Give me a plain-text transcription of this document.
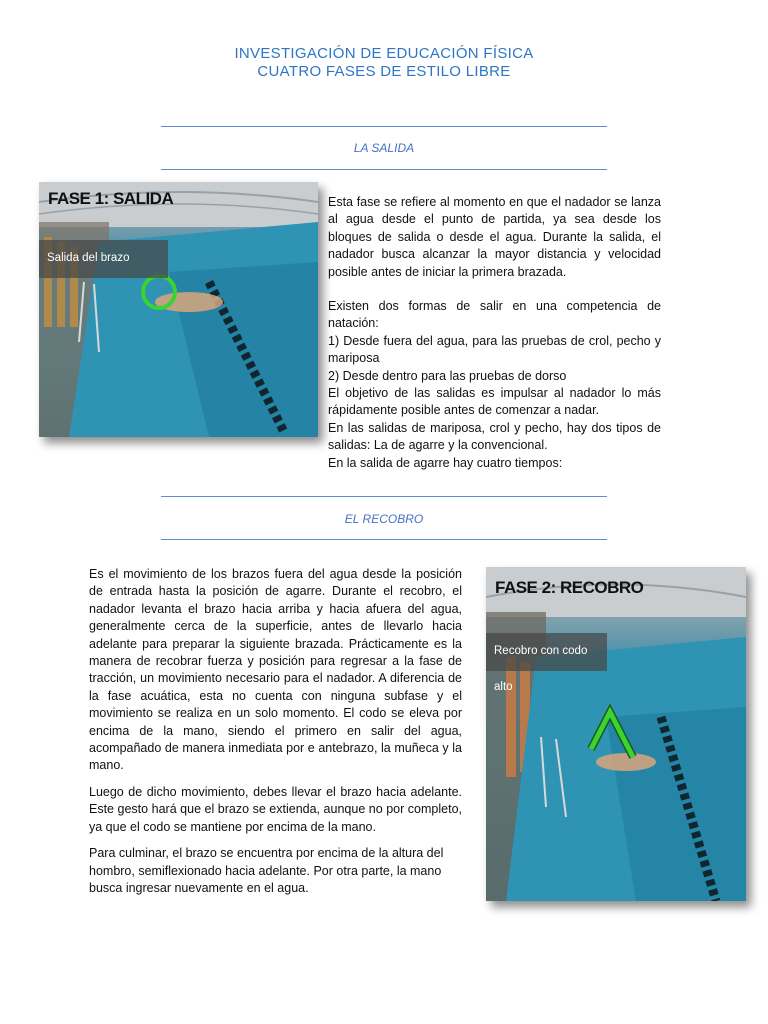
INVESTIGACIÓN DE EDUCACIÓN FÍSICA
CUATRO FASES DE ESTILO LIBRE
LA SALIDA
FASE 1: SALIDA
Salida del brazo

Esta fase se refiere al momento en que el nadador se lanza al agua desde el punto de partida, ya sea desde los bloques de salida o desde el agua. Durante la salida, el nadador busca alcanzar la mayor distancia y velocidad posible antes de iniciar la primera brazada.

Existen dos formas de salir en una competencia de natación:

1) Desde fuera del agua, para las pruebas de crol, pecho y mariposa

2) Desde dentro para las pruebas de dorso

El objetivo de las salidas es impulsar al nadador lo más rápidamente posible antes de comenzar a nadar.

En las salidas de mariposa, crol y pecho, hay dos tipos de salidas: La de agarre y la convencional.

En la salida de agarre hay cuatro tiempos:

EL RECOBRO

Es el movimiento de los brazos fuera del agua desde la posición de entrada hasta la posición de agarre. Durante el recobro, el nadador levanta el brazo hacia arriba y hacia afuera del agua, generalmente cerca de la superficie, antes de llevarlo hacia adelante para preparar la siguiente brazada. Prácticamente es la manera de recobrar fuerza y posición para regresar a la fase de tracción, un movimiento necesario para el nadador. A diferencia de la fase acuática, esta no cuenta con ninguna subfase y el movimiento se realiza en un solo momento. El codo se eleva por encima de la mano, siendo el primero en salir del agua, acompañado de manera inmediata por e antebrazo, la muñeca y la mano.

Luego de dicho movimiento, debes llevar el brazo hacia adelante. Este gesto hará que el brazo se extienda, aunque no por completo, ya que el codo se mantiene por encima de la mano.

Para culminar, el brazo se encuentra por encima de la altura del hombro, semiflexionado hacia adelante. Por otra parte, la mano busca ingresar nuevamente en el agua.

FASE 2: RECOBRO
Recobro con codo alto
